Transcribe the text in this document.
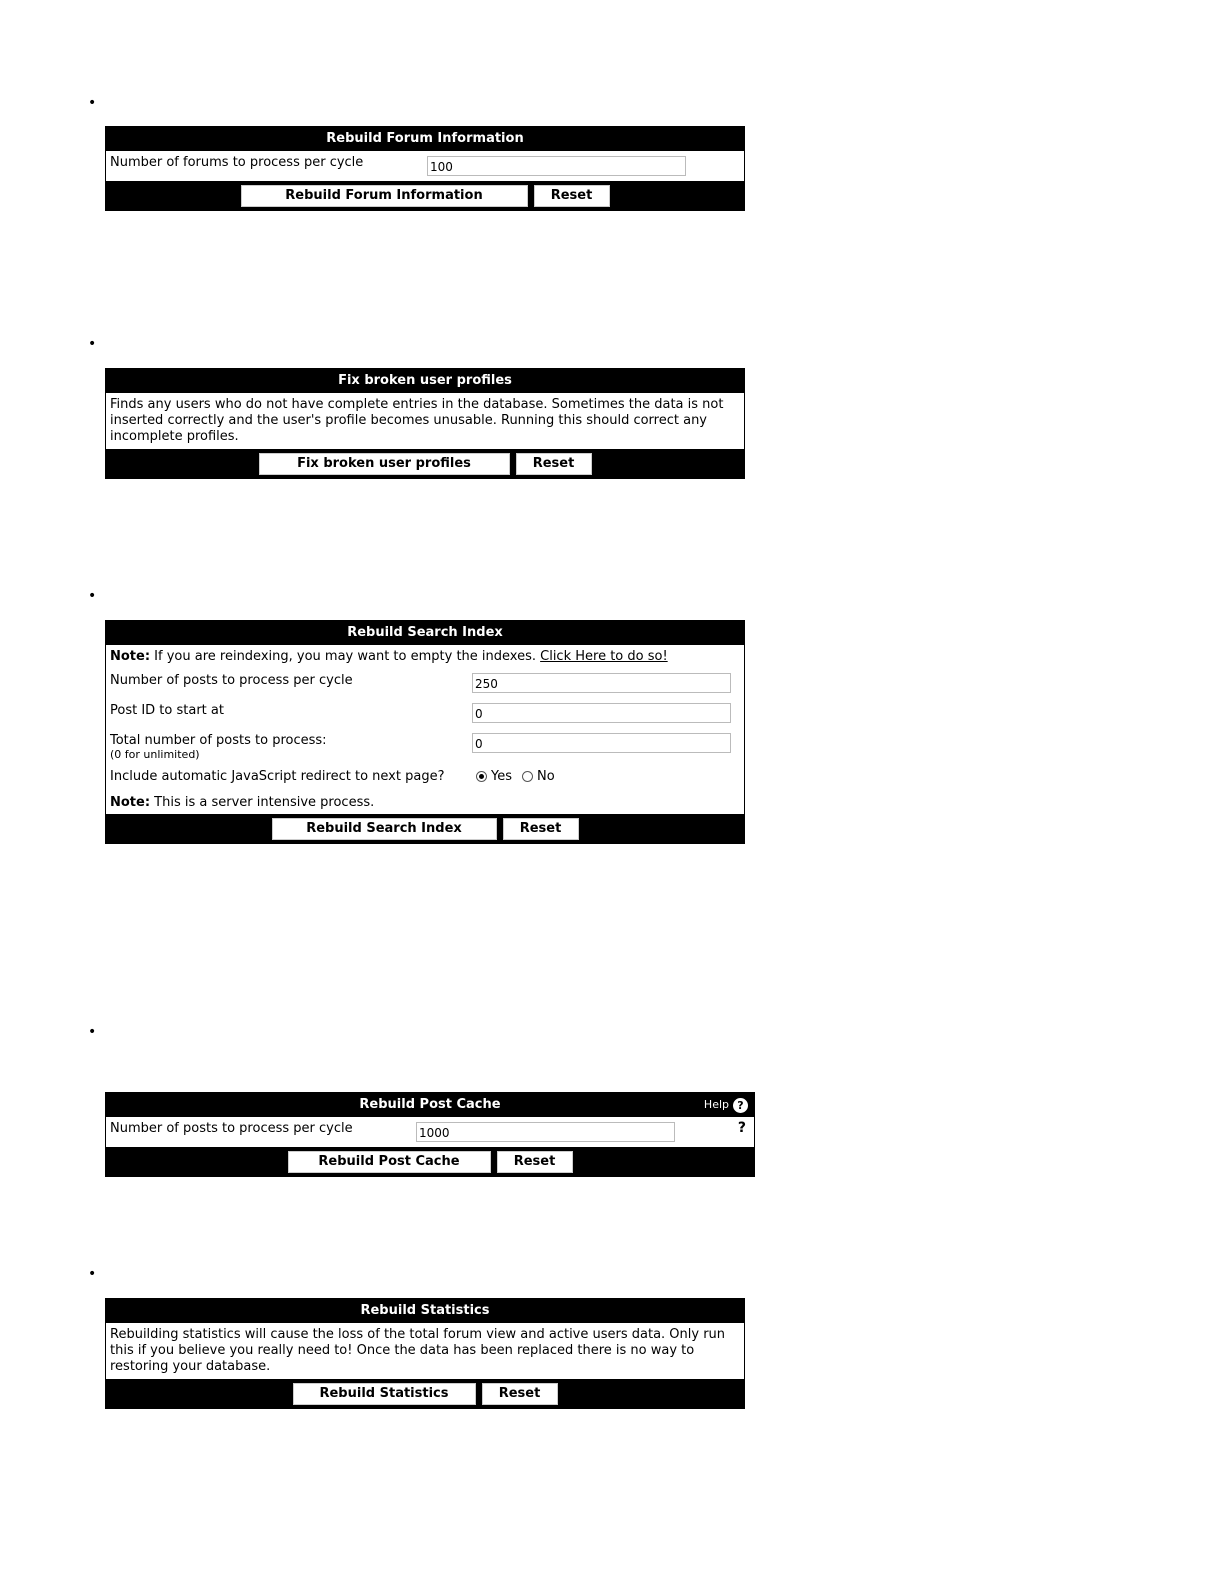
•
Rebuild Forum Information
Number of forums to process per cycle
100
Rebuild Forum Information	Reset
•
Fix broken user profiles
Finds any users who do not have complete entries in the database. Sometimes the data is not inserted correctly and the user's profile becomes unusable. Running this should correct any incomplete profiles.
Fix broken user profiles	Reset
•
Rebuild Search Index
Note: If you are reindexing, you may want to empty the indexes. Click Here to do so!
Number of posts to process per cycle
250
Post ID to start at
0
Total number of posts to process:
(0 for unlimited)
0
Include automatic JavaScript redirect to next page?	Yes No
Note: This is a server intensive process.
Rebuild Search Index	Reset
•
Rebuild Post Cache	Help ?
Number of posts to process per cycle
1000	?
Rebuild Post Cache	Reset
•
Rebuild Statistics
Rebuilding statistics will cause the loss of the total forum view and active users data. Only run this if you believe you really need to! Once the data has been replaced there is no way to restoring your database.
Rebuild Statistics	Reset
